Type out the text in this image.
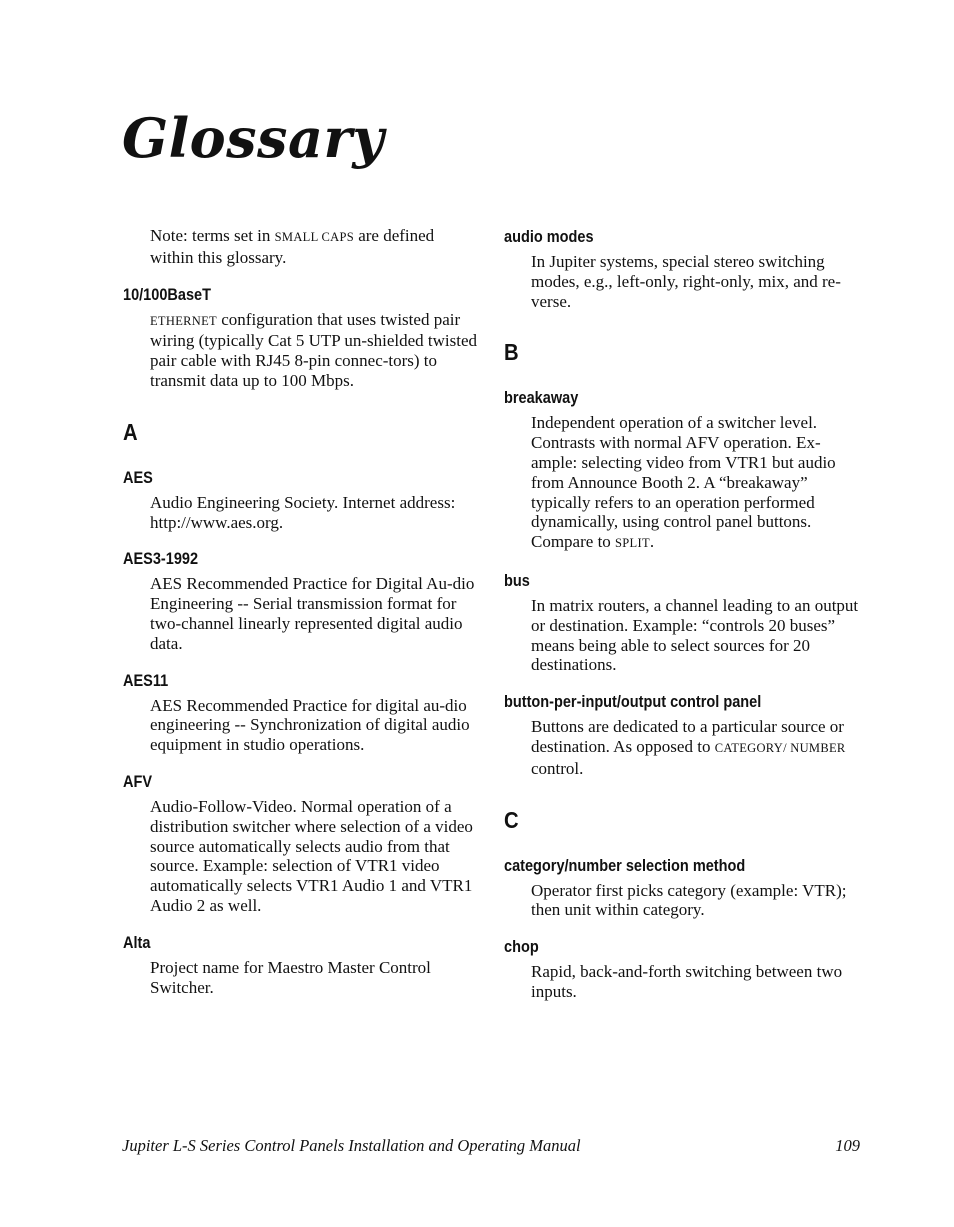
Glossary

Note: terms set in SMALL CAPS are defined within this glossary.

10/100BaseT

ETHERNET configuration that uses twisted pair wiring (typically Cat 5 UTP un-shielded twisted pair cable with RJ45 8-pin connec-tors) to transmit data up to 100 Mbps.

A
AES

Audio Engineering Society. Internet address: http://www.aes.org.

AES3-1992

AES Recommended Practice for Digital Au-dio Engineering -- Serial transmission format for two-channel linearly represented digital audio data.

AES11

AES Recommended Practice for digital au-dio engineering -- Synchronization of digital audio equipment in studio operations.

AFV

Audio-Follow-Video. Normal operation of a distribution switcher where selection of a video source automatically selects audio from that source. Example: selection of VTR1 video automatically selects VTR1 Audio 1 and VTR1 Audio 2 as well.

Alta

Project name for Maestro Master Control Switcher.

audio modes

In Jupiter systems, special stereo switching modes, e.g., left-only, right-only, mix, and re-verse.

B
breakaway

Independent operation of a switcher level. Contrasts with normal AFV operation. Ex-ample: selecting video from VTR1 but audio from Announce Booth 2. A “breakaway” typically refers to an operation performed dynamically, using control panel buttons. Compare to SPLIT.

bus

In matrix routers, a channel leading to an output or destination. Example: “controls 20 buses” means being able to select sources for 20 destinations.

button-per-input/output control panel

Buttons are dedicated to a particular source or destination. As opposed to CATEGORY/ NUMBER control.

C
category/number selection method

Operator first picks category (example: VTR); then unit within category.

chop

Rapid, back-and-forth switching between two inputs.

Jupiter L-S Series Control Panels Installation and Operating Manual	109
